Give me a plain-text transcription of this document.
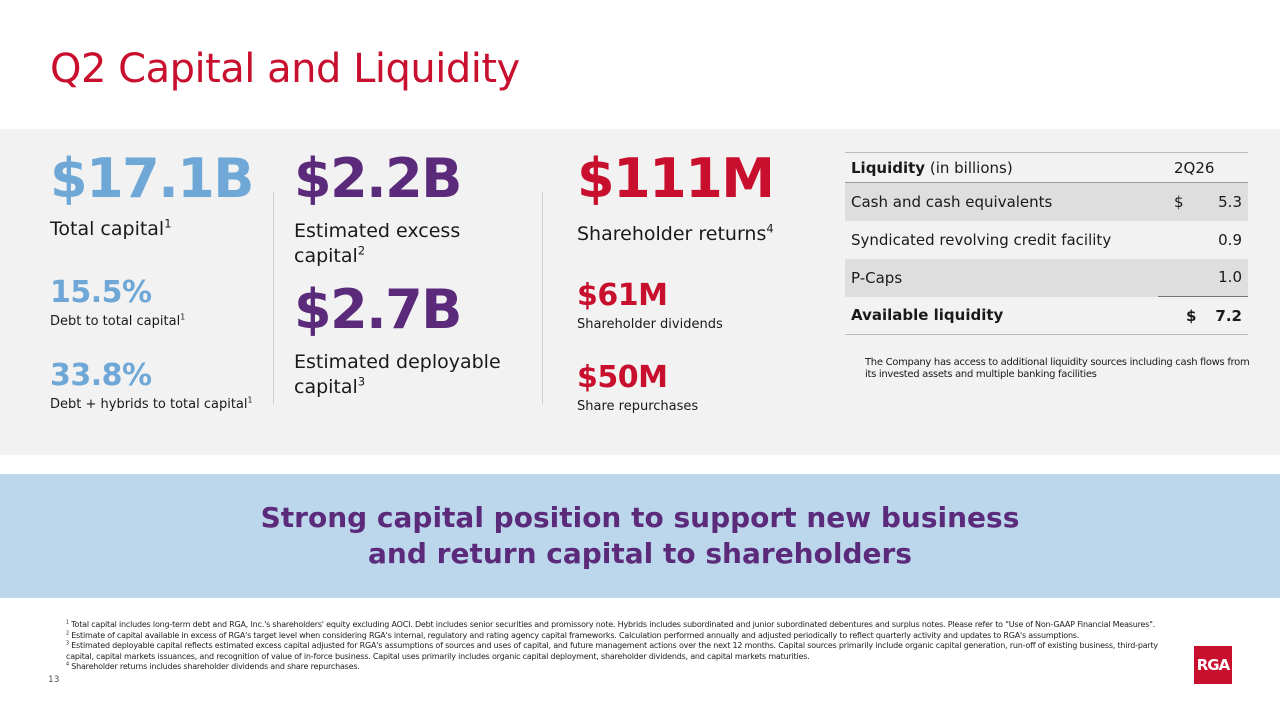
Q2 Capital and Liquidity
$17.1B
Total capital$^1$
15.5%
Debt to total capital$^1$
33.8%
Debt + hybrids to total capital$^1$
$2.2B
Estimated excess
capital$^2$
$2.7B
Estimated deployable
capital$^3$
$111M
Shareholder returns$^4$
$61M
Shareholder dividends
$50M
Share repurchases
Liquidity (in billions)	2Q26
Cash and cash equivalents	$ 5.3
Syndicated revolving credit facility	0.9
P-Caps	1.0
Available liquidity	$ 7.2
The Company has access to additional liquidity sources including cash flows from its invested assets and multiple banking facilities
Strong capital position to support new business
and return capital to shareholders

$^1$ Total capital includes long-term debt and RGA, Inc.'s shareholders' equity excluding AOCI. Debt includes senior securities and promissory note. Hybrids includes subordinated and junior subordinated debentures and surplus notes. Please refer to "Use of Non-GAAP Financial Measures".

$^2$ Estimate of capital available in excess of RGA's target level when considering RGA's internal, regulatory and rating agency capital frameworks. Calculation performed annually and adjusted periodically to reflect quarterly activity and updates to RGA's assumptions.

$^3$ Estimated deployable capital reflects estimated excess capital adjusted for RGA's assumptions of sources and uses of capital, and future management actions over the next 12 months. Capital sources primarily include organic capital generation, run-off of existing business, third-party capital, capital markets issuances, and recognition of value of in-force business. Capital uses primarily includes organic capital deployment, shareholder dividends, and capital markets maturities.

$^4$ Shareholder returns includes shareholder dividends and share repurchases.

13
RGA
